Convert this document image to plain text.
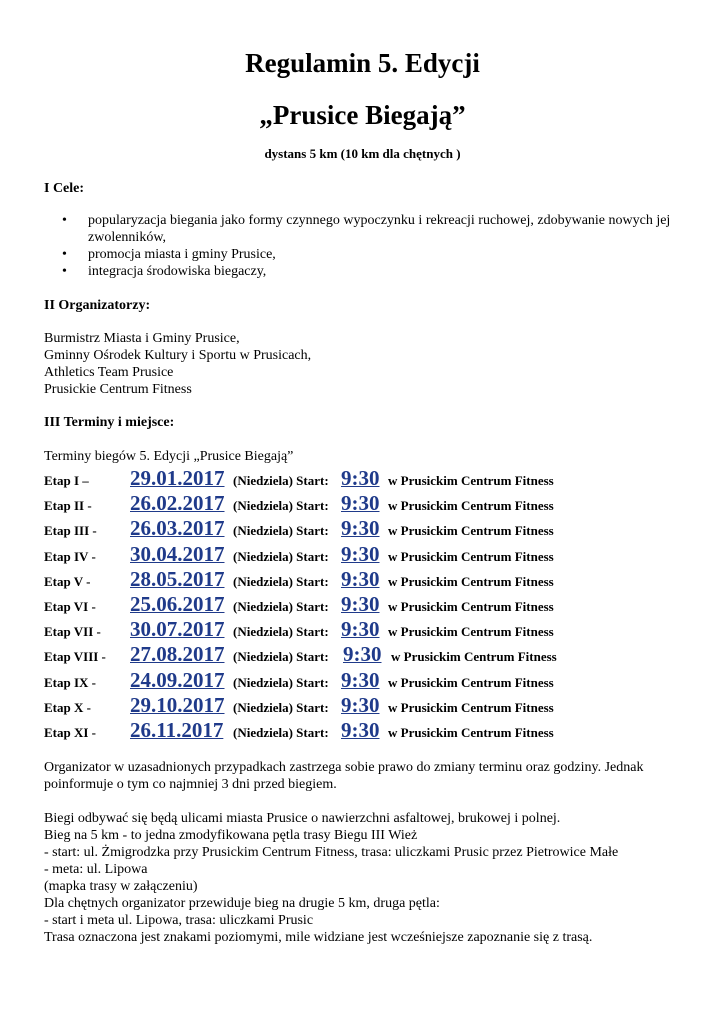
Regulamin 5. Edycji
„Prusice Biegają”
dystans 5 km (10 km dla chętnych )
I Cele:
• popularyzacja biegania jako formy czynnego wypoczynku i rekreacji ruchowej, zdobywanie nowych jej zwolenników,
• promocja miasta i gminy Prusice,
• integracja środowiska biegaczy,
II Organizatorzy:
Burmistrz Miasta i Gminy Prusice,
Gminny Ośrodek Kultury i Sportu w Prusicach,
Athletics Team Prusice
Prusickie Centrum Fitness
III Terminy i miejsce:
Terminy biegów 5. Edycji „Prusice Biegają”
Etap I – 29.01.2017 (Niedziela) Start: 9:30 w Prusickim Centrum Fitness
Etap II - 26.02.2017 (Niedziela) Start: 9:30 w Prusickim Centrum Fitness
Etap III - 26.03.2017 (Niedziela) Start: 9:30 w Prusickim Centrum Fitness
Etap IV - 30.04.2017 (Niedziela) Start: 9:30 w Prusickim Centrum Fitness
Etap V - 28.05.2017 (Niedziela) Start: 9:30 w Prusickim Centrum Fitness
Etap VI - 25.06.2017 (Niedziela) Start: 9:30 w Prusickim Centrum Fitness
Etap VII - 30.07.2017 (Niedziela) Start: 9:30 w Prusickim Centrum Fitness
Etap VIII - 27.08.2017 (Niedziela) Start: 9:30 w Prusickim Centrum Fitness
Etap IX - 24.09.2017 (Niedziela) Start: 9:30 w Prusickim Centrum Fitness
Etap X - 29.10.2017 (Niedziela) Start: 9:30 w Prusickim Centrum Fitness
Etap XI - 26.11.2017 (Niedziela) Start: 9:30 w Prusickim Centrum Fitness
Organizator w uzasadnionych przypadkach zastrzega sobie prawo do zmiany terminu oraz godziny. Jednak
poinformuje o tym co najmniej 3 dni przed biegiem.
Biegi odbywać się będą ulicami miasta Prusice o nawierzchni asfaltowej, brukowej i polnej.
Bieg na 5 km - to jedna zmodyfikowana pętla trasy Biegu III Wież
- start: ul. Żmigrodzka przy Prusickim Centrum Fitness, trasa: uliczkami Prusic przez Pietrowice Małe
- meta: ul. Lipowa
(mapka trasy w załączeniu)
Dla chętnych organizator przewiduje bieg na drugie 5 km, druga pętla:
- start i meta ul. Lipowa, trasa: uliczkami Prusic
Trasa oznaczona jest znakami poziomymi, mile widziane jest wcześniejsze zapoznanie się z trasą.
